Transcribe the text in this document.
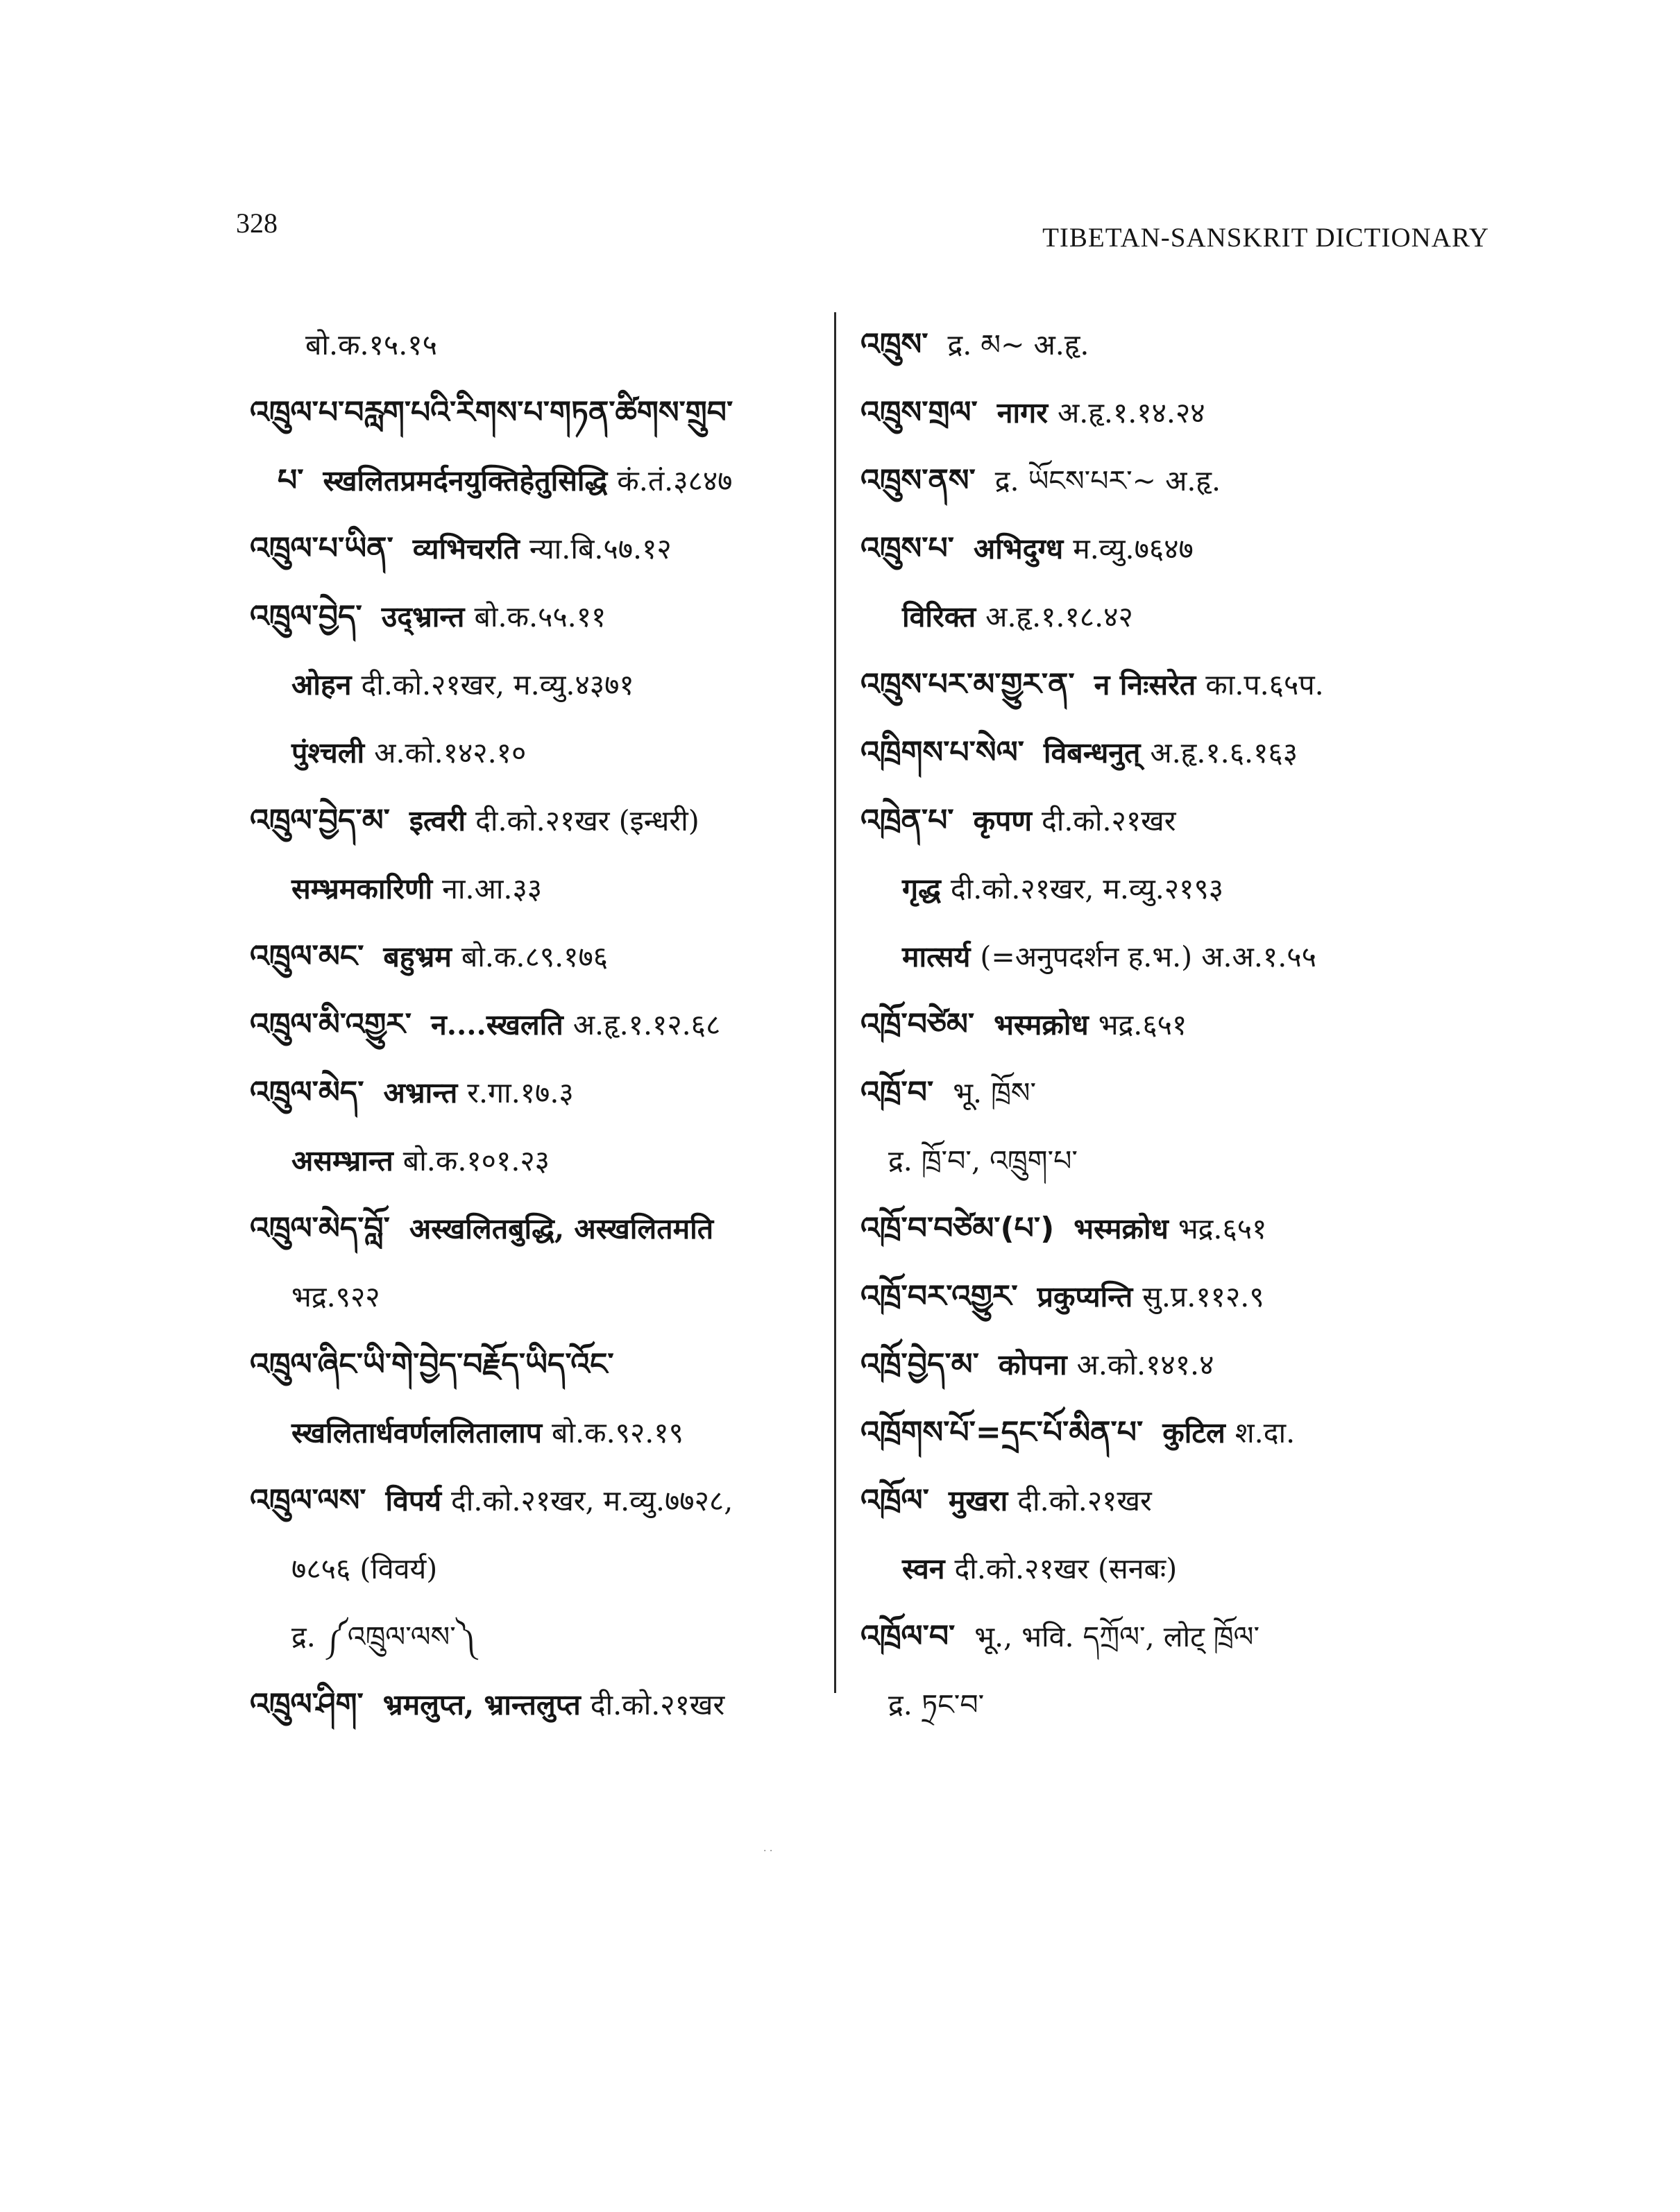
328	TIBETAN-SANSKRIT DICTIONARY
बो.क.१५.१५
འཁྲུལ་པ་བརླག་པའི་རིགས་པ་གཏན་ཚིགས་གྲུབ་
པ་ स्खलितप्रमर्दनयुक्तिहेतुसिद्धि कं.तं.३८४७
འཁྲུལ་པ་ཡིན་ व्यभिचरति न्या.बि.५७.१२
འཁྲུལ་བྱེད་ उद्भ्रान्त बो.क.५५.११
ओहन दी.को.२१खर, म.व्यु.४३७१
पुंश्चली अ.को.१४२.१०
འཁྲུལ་བྱེད་མ་ इत्वरी दी.को.२१खर (इन्धरी)
सम्भ्रमकारिणी ना.आ.३३
འཁྲུལ་མང་ बहुभ्रम बो.क.८९.१७६
འཁྲུལ་མི་འགྱུར་ न....स्खलति अ.हृ.१.१२.६८
འཁྲུལ་མེད་ अभ्रान्त र.गा.१७.३
असम्भ्रान्त बो.क.१०१.२३
འཁྲུལ་མེད་བློ་ अस्खलितबुद्धि, अस्खलितमति
भद्र.९२२
འཁྲུལ་ཞིང་ཡི་གེ་བྱེད་བརྗོད་ཡིད་འོང་
स्खलितार्धवर्णललितालाप बो.क.९२.१९
འཁྲུལ་ལས་ विपर्य दी.को.२१खर, म.व्यु.७७२८,
७८५६ (विवर्य)
द्र. ༼འཁྲུལ་ལས་༽
འཁྲུལ་ཤིག་ भ्रमलुप्त, भ्रान्तलुप्त दी.को.२१खर
འཁྲུས་ द्र. མ~ अ.हृ.
འཁྲུས་གྲལ་ नागर अ.हृ.१.१४.२४
འཁྲུས་ནས་ द्र. ཡོངས་པར་~ अ.हृ.
འཁྲུས་པ་ अभिदुग्ध म.व्यु.७६४७
विरिक्त अ.हृ.१.१८.४२
འཁྲུས་པར་མ་གྱུར་ན་ न निःसरेत का.प.६५प.
འཁྲིགས་པ་སེལ་ विबन्धनुत् अ.हृ.१.६.१६३
འཁྲེན་པ་ कृपण दी.को.२१खर
गृद्ध दी.को.२१खर, म.व्यु.२१९३
मात्सर्य (=अनुपदर्शन ह.भ.) अ.अ.१.५५
འཁྲོ་བཙེམ་ भस्मक्रोध भद्र.६५१
འཁྲོ་བ་ भू. ཁྲོས་
द्र. ཁྲོ་བ་, འཁྲུག་པ་
འཁྲོ་བ་བཙེམ་(པ་) भस्मक्रोध भद्र.६५१
འཁྲོ་བར་འགྱུར་ प्रकुप्यन्ति सु.प्र.११२.९
འཁྲོ་བྱེད་མ་ कोपना अ.को.१४१.४
འཁྲོགས་པོ་=དྲང་པོ་མིན་པ་ कुटिल श.दा.
འཁྲོལ་ मुखरा दी.को.२१खर
स्वन दी.को.२१खर (सनबः)
འཁྲོལ་བ་ भू., भवि. དཀྲོལ་, लोट् ཁྲོལ་
द्र. ཏྲང་བ་
· ·
